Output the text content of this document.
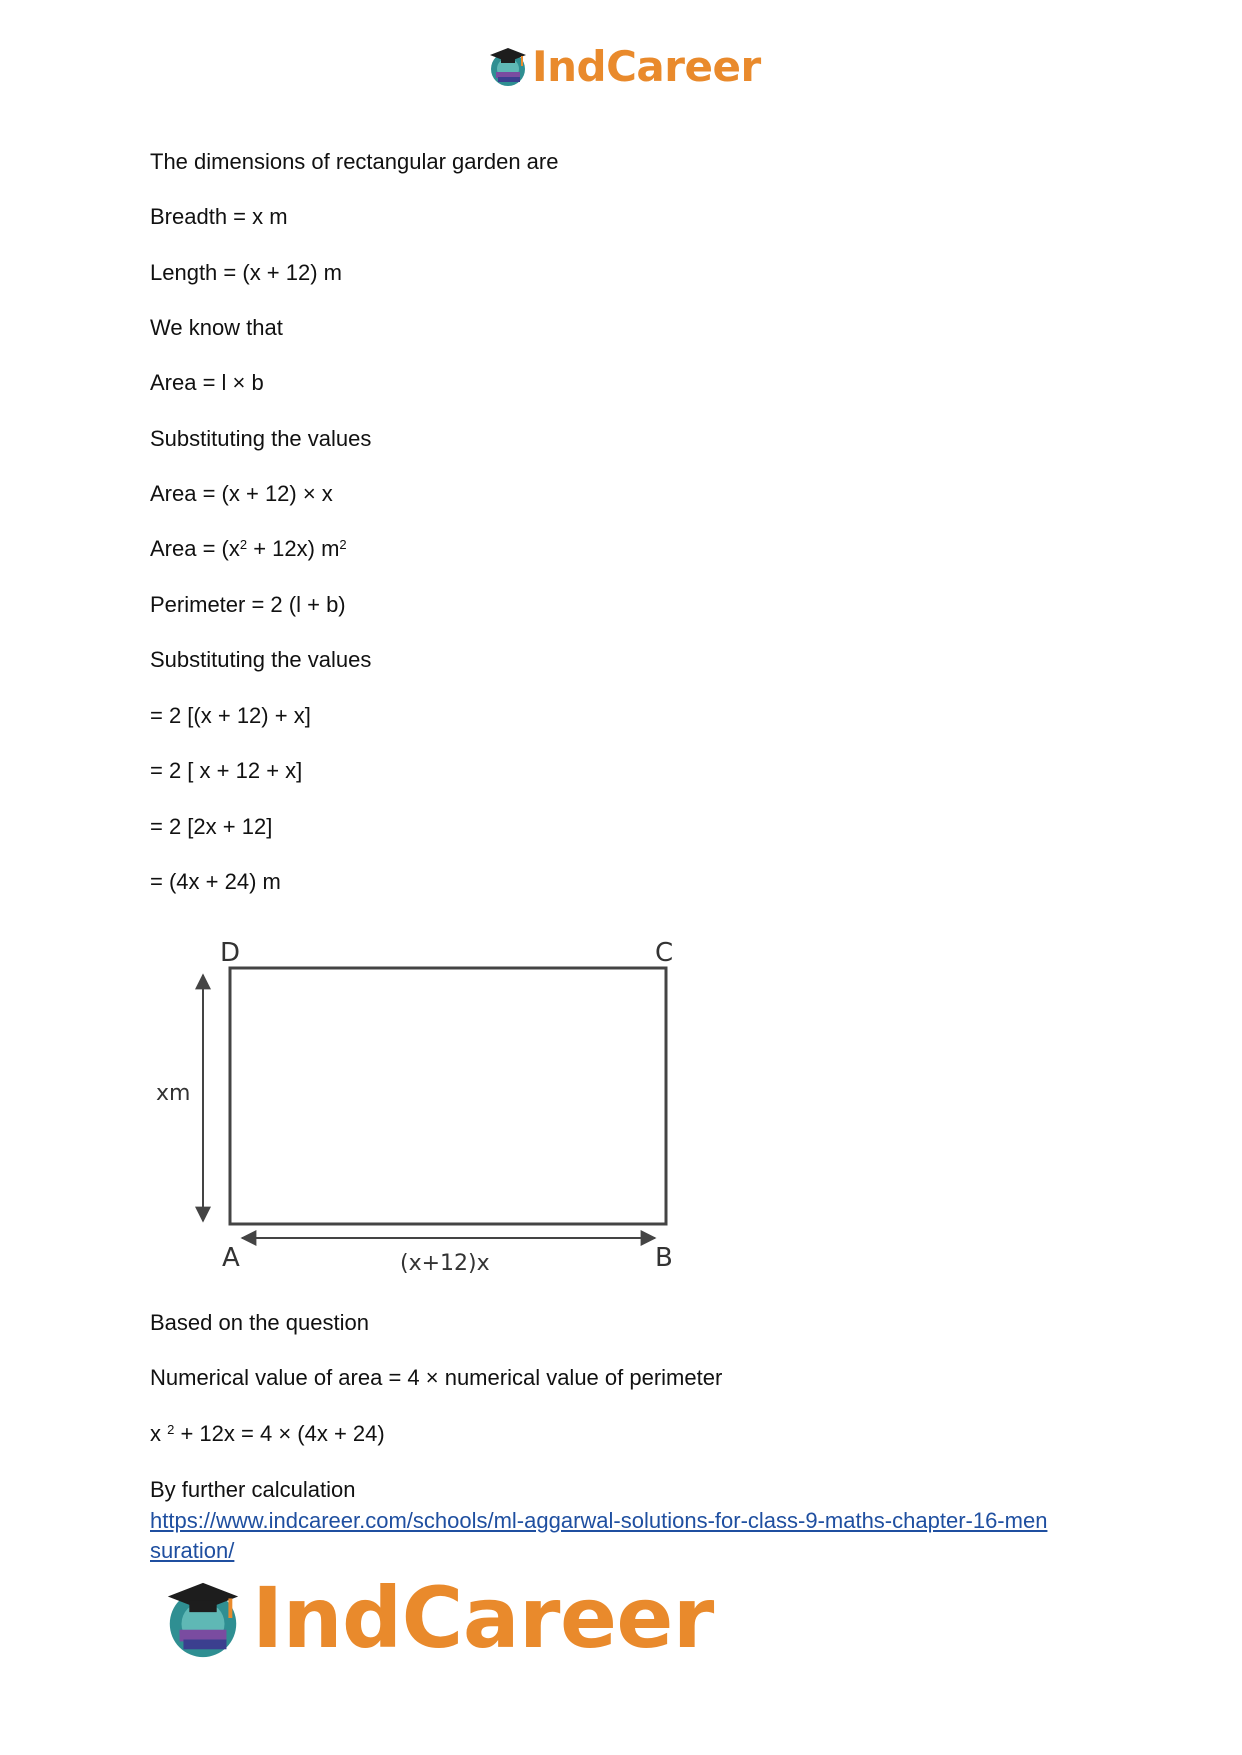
IndCareer

The dimensions of rectangular garden are

Breadth = x m

Length = (x + 12) m

We know that

Area = l × b

Substituting the values

Area = (x + 12) × x

Area = $(x^2 + 12x)$ $m^2$

Perimeter = 2 (l + b)

Substituting the values

= 2 [(x + 12) + x]

= 2 [ x + 12 + x]

= 2 [2x + 12]

= (4x + 24) m

D	C
A	B
xm
(x+12)x

Based on the question

Numerical value of area = 4 × numerical value of perimeter

x $^2$ + 12x = 4 × (4x + 24)

By further calculation

https://www.indcareer.com/schools/ml-aggarwal-solutions-for-class-9-maths-chapter-16-men
suration/
IndCareer
